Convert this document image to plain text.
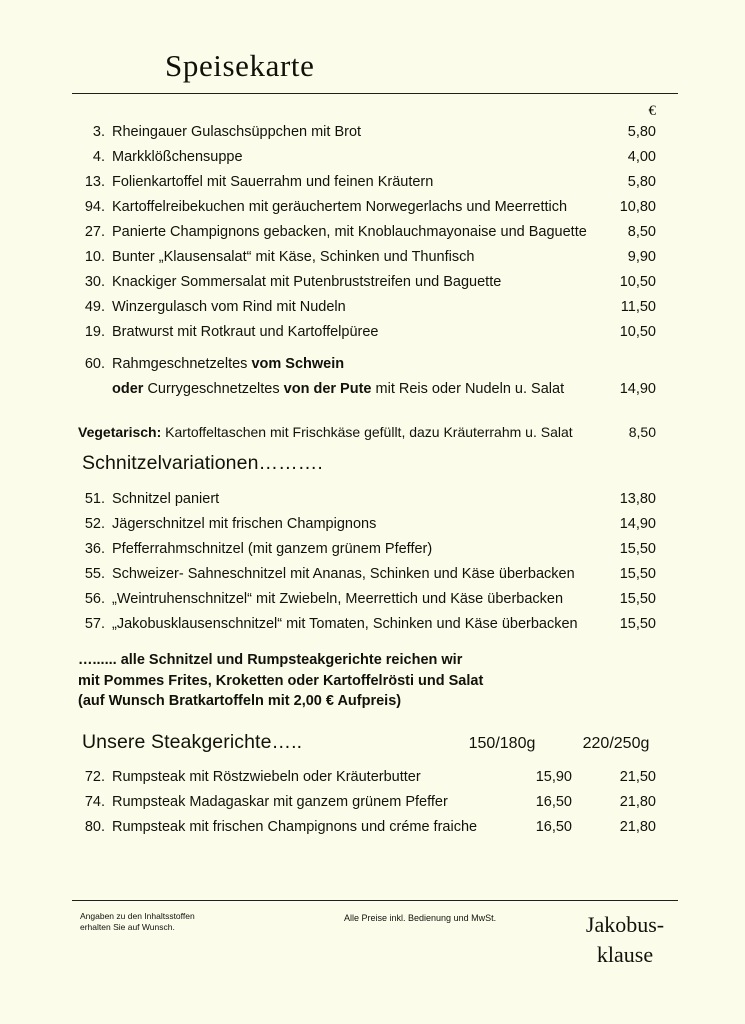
Speisekarte
€
3. Rheingauer Gulaschsüppchen mit Brot	5,80
4. Markklößchensuppe	4,00
13. Folienkartoffel mit Sauerrahm und feinen Kräutern	5,80
94. Kartoffelreibekuchen mit geräuchertem Norwegerlachs und Meerrettich	10,80
27. Panierte Champignons gebacken, mit Knoblauchmayonaise und Baguette	8,50
10. Bunter „Klausensalat“ mit Käse, Schinken und Thunfisch	9,90
30. Knackiger Sommersalat mit Putenbruststreifen und Baguette	10,50
49. Winzergulasch vom Rind mit Nudeln	11,50
19. Bratwurst mit Rotkraut und Kartoffelpüree	10,50
60. Rahmgeschnetzeltes vom Schwein
oder Currygeschnetzeltes von der Pute mit Reis oder Nudeln u. Salat	14,90
Vegetarisch: Kartoffeltaschen mit Frischkäse gefüllt, dazu Kräuterrahm u. Salat	8,50
Schnitzelvariationen……….
51. Schnitzel paniert	13,80
52. Jägerschnitzel mit frischen Champignons	14,90
36. Pfefferrahmschnitzel (mit ganzem grünem Pfeffer)	15,50
55. Schweizer- Sahneschnitzel mit Ananas, Schinken und Käse überbacken	15,50
56. „Weintruhenschnitzel“ mit Zwiebeln, Meerrettich und Käse überbacken	15,50
57. „Jakobusklausenschnitzel“ mit Tomaten, Schinken und Käse überbacken	15,50
…...... alle Schnitzel und Rumpsteakgerichte reichen wir
mit Pommes Frites, Kroketten oder Kartoffelrösti und Salat
(auf Wunsch Bratkartoffeln mit 2,00 € Aufpreis)
Unsere Steakgerichte…..	150/180g	220/250g
72. Rumpsteak mit Röstzwiebeln oder Kräuterbutter	15,90	21,50
74. Rumpsteak Madagaskar mit ganzem grünem Pfeffer	16,50	21,80
80. Rumpsteak mit frischen Champignons und créme fraiche	16,50	21,80
Angaben zu den Inhaltsstoffen
erhalten Sie auf Wunsch.
Alle Preise inkl. Bedienung und MwSt.	Jakobus-
klause
